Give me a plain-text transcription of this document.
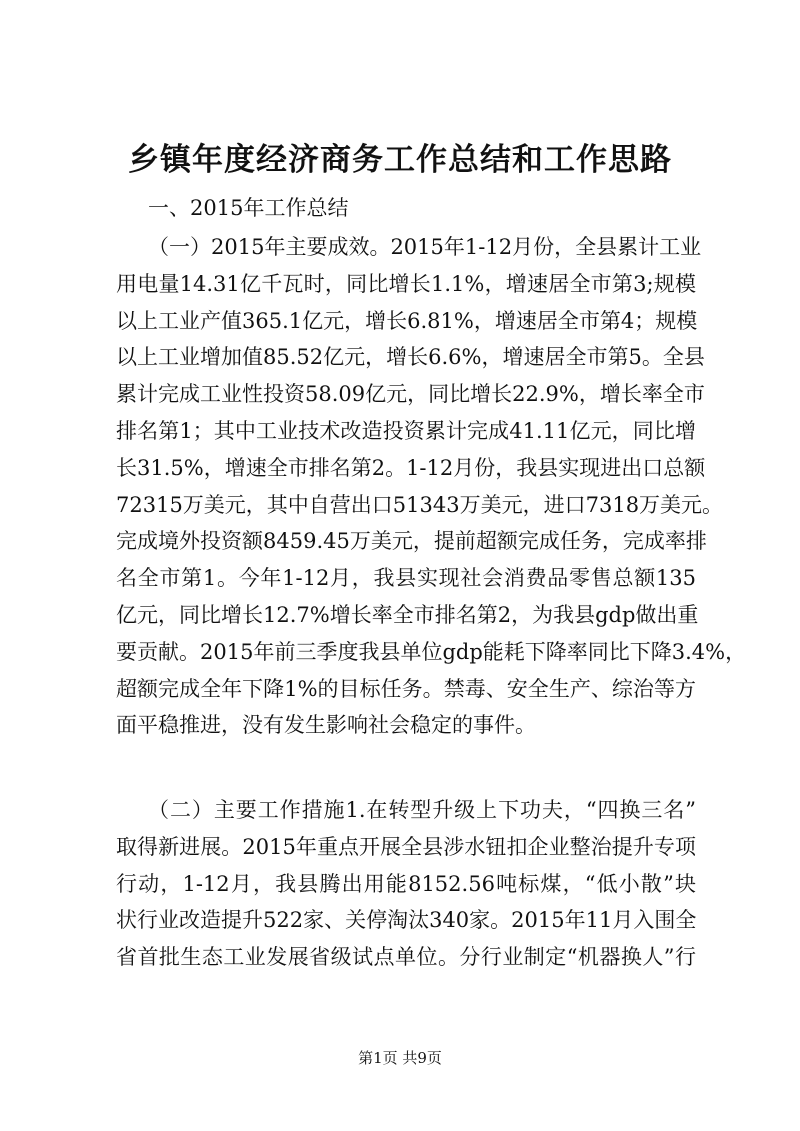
乡镇年度经济商务工作总结和工作思路

一、2015年工作总结

（一）2015年主要成效。2015年1-12月份，全县累计工业
用电量14.31亿千瓦时，同比增长1.1%，增速居全市第3;规模
以上工业产值365.1亿元，增长6.81%，增速居全市第4；规模
以上工业增加值85.52亿元，增长6.6%，增速居全市第5。全县
累计完成工业性投资58.09亿元，同比增长22.9%，增长率全市
排名第1；其中工业技术改造投资累计完成41.11亿元，同比增
长31.5%，增速全市排名第2。1-12月份，我县实现进出口总额
72315万美元，其中自营出口51343万美元，进口7318万美元。
完成境外投资额8459.45万美元，提前超额完成任务，完成率排
名全市第1。今年1-12月，我县实现社会消费品零售总额135
亿元，同比增长12.7%增长率全市排名第2，为我县gdp做出重
要贡献。2015年前三季度我县单位gdp能耗下降率同比下降3.4%，
超额完成全年下降1%的目标任务。禁毒、安全生产、综治等方
面平稳推进，没有发生影响社会稳定的事件。
（二）主要工作措施1.在转型升级上下功夫，“四换三名”
取得新进展。2015年重点开展全县涉水钮扣企业整治提升专项
行动，1-12月，我县腾出用能8152.56吨标煤，“低小散”块
状行业改造提升522家、关停淘汰340家。2015年11月入围全
省首批生态工业发展省级试点单位。分行业制定“机器换人”行

第1页 共9页
